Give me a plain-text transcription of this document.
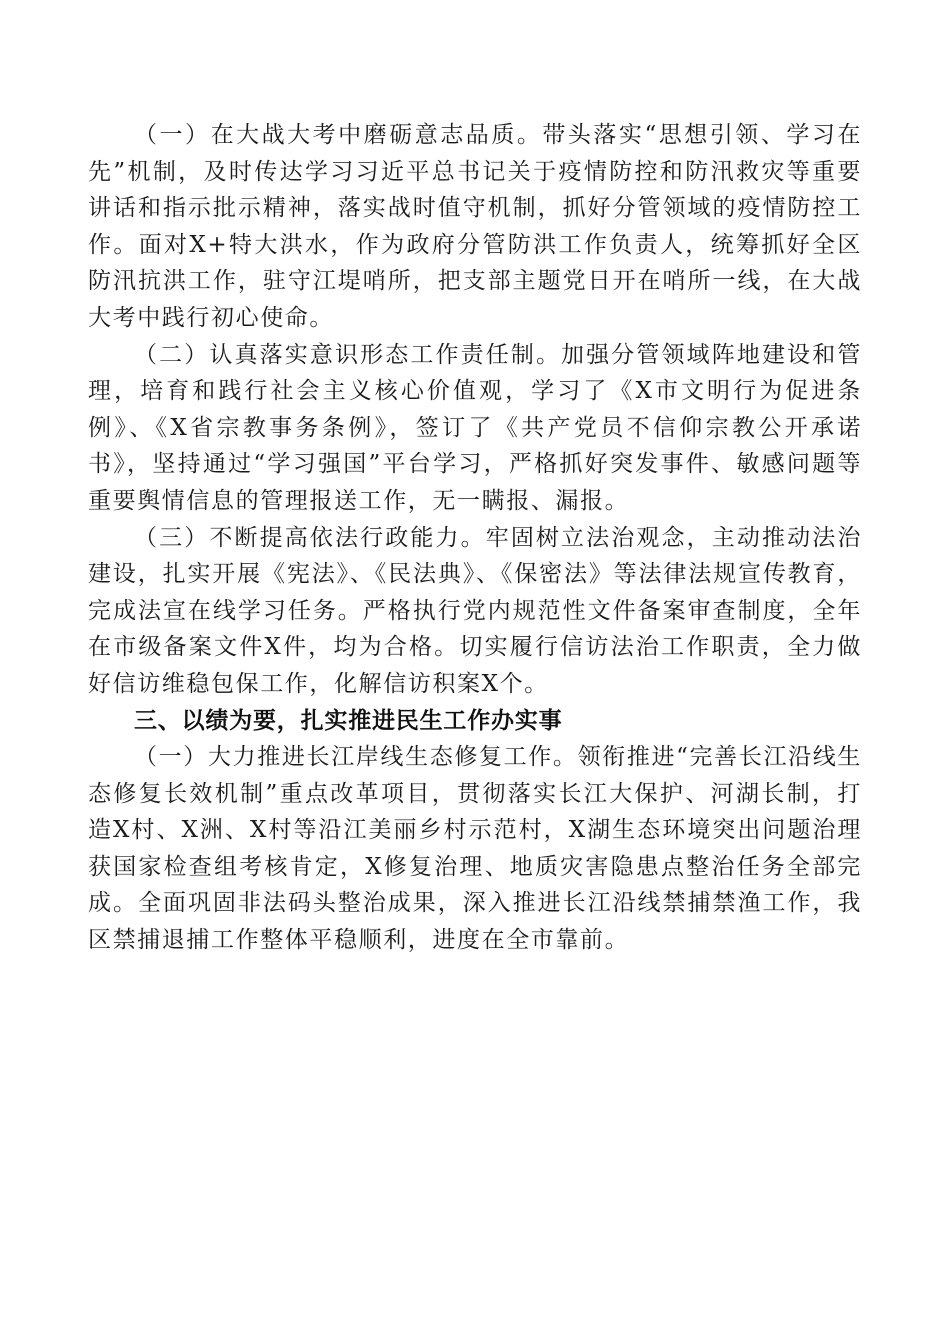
（一）在大战大考中磨砺意志品质。带头落实“思想引领、学习在先”机制，及时传达学习习近平总书记关于疫情防控和防汛救灾等重要讲话和指示批示精神，落实战时值守机制，抓好分管领域的疫情防控工作。面对X+特大洪水，作为政府分管防洪工作负责人，统筹抓好全区防汛抗洪工作，驻守江堤哨所，把支部主题党日开在哨所一线，在大战大考中践行初心使命。

（二）认真落实意识形态工作责任制。加强分管领域阵地建设和管理，培育和践行社会主义核心价值观，学习了《X市文明行为促进条例》、《X省宗教事务条例》，签订了《共产党员不信仰宗教公开承诺书》，坚持通过“学习强国”平台学习，严格抓好突发事件、敏感问题等重要舆情信息的管理报送工作，无一瞒报、漏报。

（三）不断提高依法行政能力。牢固树立法治观念，主动推动法治建设，扎实开展《宪法》、《民法典》、《保密法》等法律法规宣传教育，完成法宣在线学习任务。严格执行党内规范性文件备案审查制度，全年在市级备案文件X件，均为合格。切实履行信访法治工作职责，全力做好信访维稳包保工作，化解信访积案X个。

三、以绩为要，扎实推进民生工作办实事

（一）大力推进长江岸线生态修复工作。领衔推进“完善长江沿线生态修复长效机制”重点改革项目，贯彻落实长江大保护、河湖长制，打造X村、X洲、X村等沿江美丽乡村示范村，X湖生态环境突出问题治理获国家检查组考核肯定，X修复治理、地质灾害隐患点整治任务全部完成。全面巩固非法码头整治成果，深入推进长江沿线禁捕禁渔工作，我区禁捕退捕工作整体平稳顺利，进度在全市靠前。
